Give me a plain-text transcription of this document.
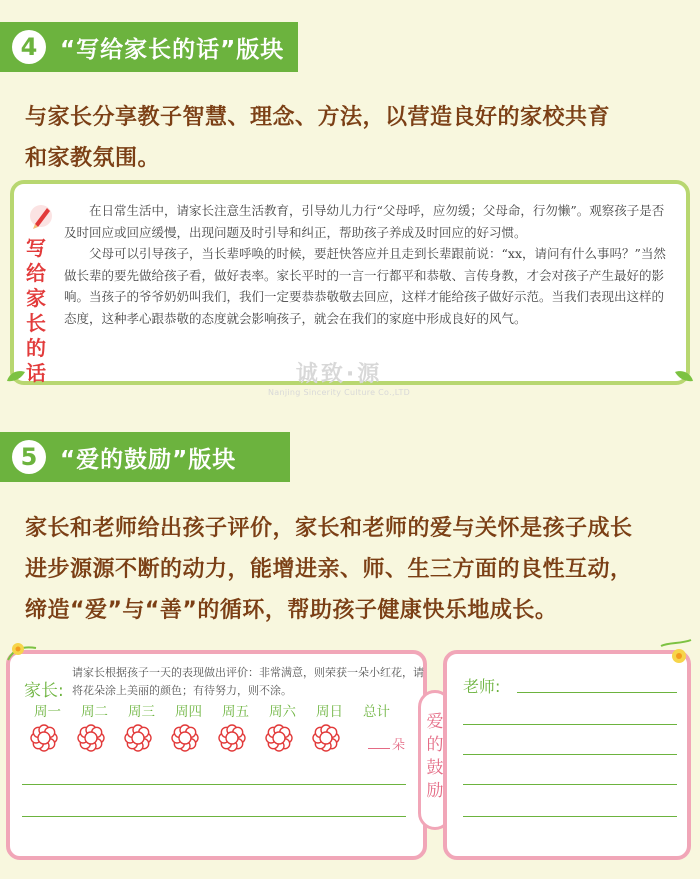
4 “写给家长的话”版块
与家长分享教子智慧、理念、方法，以营造良好的家校共育
和家教氛围。
写给家长的话

在日常生活中，请家长注意生活教育，引导幼儿力行“父母呼，应勿缓；父母命，行勿懒”。观察孩子是否及时回应或回应缓慢，出现问题及时引导和纠正，帮助孩子养成及时回应的好习惯。

父母可以引导孩子，当长辈呼唤的时候，要赶快答应并且走到长辈跟前说：“xx，请问有什么事吗？”当然做长辈的要先做给孩子看，做好表率。家长平时的一言一行都平和恭敬、言传身教，才会对孩子产生最好的影响。当孩子的爷爷奶奶叫我们，我们一定要恭恭敬敬去回应，这样才能给孩子做好示范。当我们表现出这样的态度，这种孝心跟恭敬的态度就会影响孩子，就会在我们的家庭中形成良好的风气。

诚致·源
Nanjing Sincerity Culture Co.,LTD
5 “爱的鼓励”版块
家长和老师给出孩子评价，家长和老师的爱与关怀是孩子成长
进步源源不断的动力，能增进亲、师、生三方面的良性互动，
缔造“爱”与“善”的循环，帮助孩子健康快乐地成长。
家长:
请家长根据孩子一天的表现做出评价：非常满意，则荣获一朵小红花，请将花朵涂上美丽的颜色；有待努力，则不涂。
周一	周二	周三	周四	周五	周六	周日	总计
朵
爱的鼓励
老师:
